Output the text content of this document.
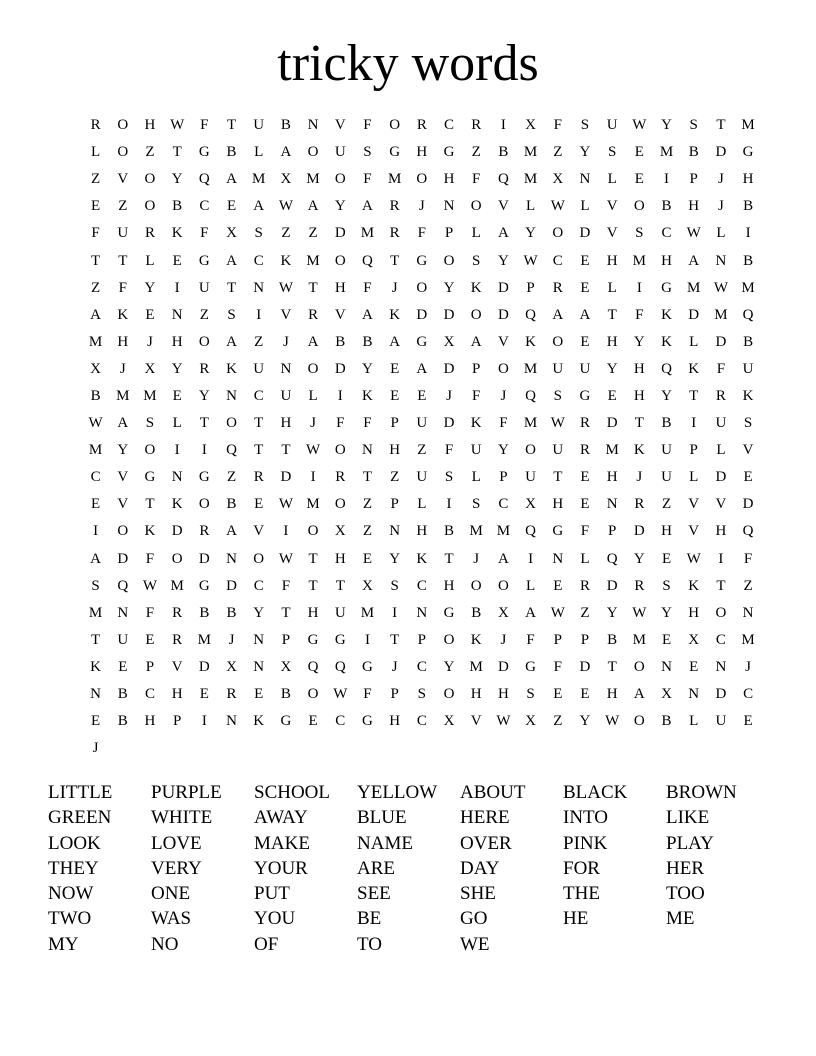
tricky words
R	O	H W	F	T	U	B	N	V	F	O	R	C	R	I	X	F	S	U W Y	S	T	M
L	O	Z	T	G	B	L	A	O	U	S	G	H	G	Z	B	M	Z	Y	S	E	M	B	D	G
Z	V	O	Y	Q	A	M	X	M	O	F	M	O	H	F	Q	M	X	N	L	E	I	P	J	H
E	Z	O	B	C	E	A W A	Y	A	R	J	N	O	V	L	W	L	V	O	B	H	J	B
F	U	R	K	F	X	S	Z	Z	D	M	R	F	P	L	A	Y	O	D	V	S	C	W	L	I
T	T	L	E	G	A	C	K	M	O	Q	T	G	O	S	Y W	C	E	H	M	H	A	N	B
Z	F	Y	I	U	T	N W	T	H	F	J	O	Y	K	D	P	R	E	L	I	G	M W M
A	K	E	N	Z	S	I	V	R	V	A	K	D	D	O	D	Q	A	A	T	F	K	D	M	Q
M	H	J	H	O	A	Z	J	A	B	B	A	G	X	A	V	K	O	E	H	Y	K	L	D	B
X	J	X	Y	R	K	U	N	O	D	Y	E	A	D	P	O	M	U	U	Y	H	Q	K	F	U
B	M M	E	Y	N	C	U	L	I	K	E	E	J	F	J	Q	S	G	E	H	Y	T	R	K
W A	S	L	T	O	T	H	J	F	F	P	U	D	K	F	M W	R	D	T	B	I	U	S
M	Y	O	I	I	Q	T	T	W O	N	H	Z	F	U	Y	O	U	R	M	K	U	P	L	V
C	V	G	N	G	Z	R	D	I	R	T	Z	U	S	L	P	U	T	E	H	J	U	L	D	E
E	V	T	K	O	B	E	W M	O	Z	P	L	I	S	C	X	H	E	N	R	Z	V	V	D
I	O	K	D	R	A	V	I	O	X	Z	N	H	B	M M	Q	G	F	P	D	H	V	H	Q
A	D	F	O	D	N	O W	T	H	E	Y	K	T	J	A	I	N	L	Q	Y	E	W	I	F
S	Q W M	G	D	C	F	T	T	X	S	C	H	O	O	L	E	R	D	R	S	K	T	Z
M	N	F	R	B	B	Y	T	H	U	M	I	N	G	B	X	A W	Z	Y W Y	H	O	N
T	U	E	R	M	J	N	P	G	G	I	T	P	O	K	J	F	P	P	B	M	E	X	C	M
K	E	P	V	D	X	N	X	Q	Q	G	J	C	Y	M	D	G	F	D	T	O	N	E	N	J
N	B	C	H	E	R	E	B	O W	F	P	S	O	H	H	S	E	E	H	A	X	N	D	C
E	B	H	P	I	N	K	G	E	C	G	H	C	X	V W X	Z	Y W O	B	L	U	E
J
LITTLE	PURPLE	SCHOOL	YELLOW	ABOUT	BLACK	BROWN
GREEN	WHITE	AWAY	BLUE	HERE	INTO	LIKE
LOOK	LOVE	MAKE	NAME	OVER	PINK	PLAY
THEY	VERY	YOUR	ARE	DAY	FOR	HER
NOW	ONE	PUT	SEE	SHE	THE	TOO
TWO	WAS	YOU	BE	GO	HE	ME
MY	NO	OF	TO	WE
